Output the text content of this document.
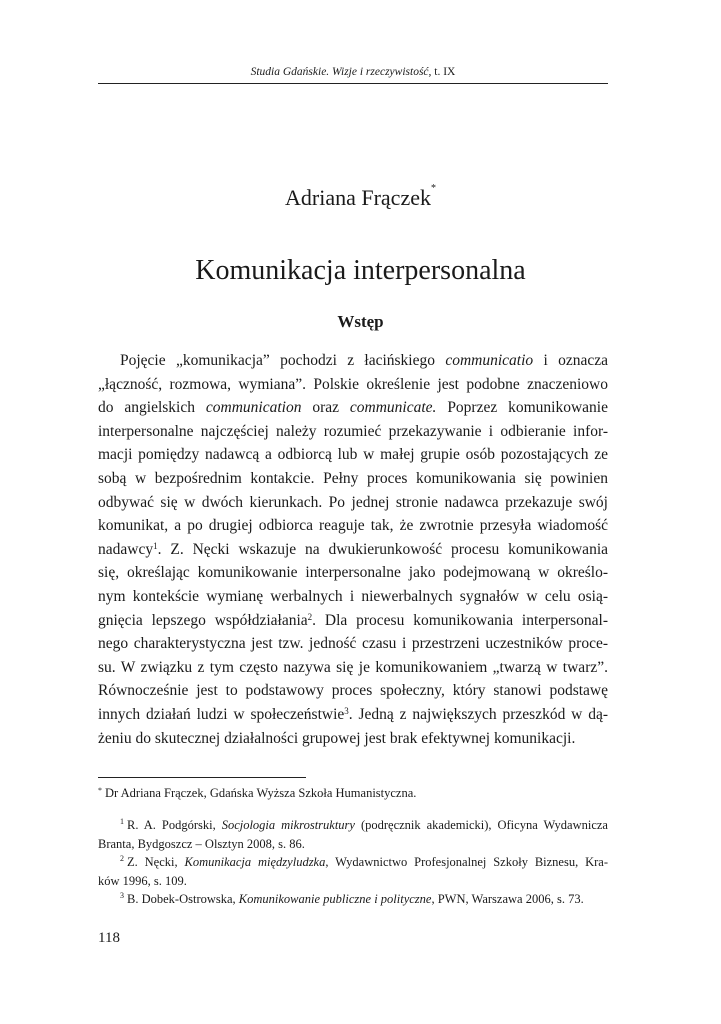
Studia Gdańskie. Wizje i rzeczywistość, t. IX
Adriana Frączek*
Komunikacja interpersonalna
Wstęp
Pojęcie „komunikacja” pochodzi z łacińskiego communicatio i oznacza
„łączność, rozmowa, wymiana”. Polskie określenie jest podobne znaczeniowo
do angielskich communication oraz communicate. Poprzez komunikowanie
interpersonalne najczęściej należy rozumieć przekazywanie i odbieranie infor-
macji pomiędzy nadawcą a odbiorcą lub w małej grupie osób pozostających ze
sobą w bezpośrednim kontakcie. Pełny proces komunikowania się powinien
odbywać się w dwóch kierunkach. Po jednej stronie nadawca przekazuje swój
komunikat, a po drugiej odbiorca reaguje tak, że zwrotnie przesyła wiadomość
nadawcy$^1$. Z. Nęcki wskazuje na dwukierunkowość procesu komunikowania
się, określając komunikowanie interpersonalne jako podejmowaną w określo-
nym kontekście wymianę werbalnych i niewerbalnych sygnałów w celu osią-
gnięcia lepszego współdziałania$^2$. Dla procesu komunikowania interpersonal-
nego charakterystyczna jest tzw. jedność czasu i przestrzeni uczestników proce-
su. W związku z tym często nazywa się je komunikowaniem „twarzą w twarz”.
Równocześnie jest to podstawowy proces społeczny, który stanowi podstawę
innych działań ludzi w społeczeństwie$^3$. Jedną z największych przeszkód w dą-
żeniu do skutecznej działalności grupowej jest brak efektywnej komunikacji.
* Dr Adriana Frączek, Gdańska Wyższa Szkoła Humanistyczna.
$^1$ R. A. Podgórski, Socjologia mikrostruktury (podręcznik akademicki), Oficyna Wydawnicza
Branta, Bydgoszcz – Olsztyn 2008, s. 86.
$^2$ Z. Nęcki, Komunikacja międzyludzka, Wydawnictwo Profesjonalnej Szkoły Biznesu, Kra-
ków 1996, s. 109.
$^3$ B. Dobek-Ostrowska, Komunikowanie publiczne i polityczne, PWN, Warszawa 2006, s. 73.
118
